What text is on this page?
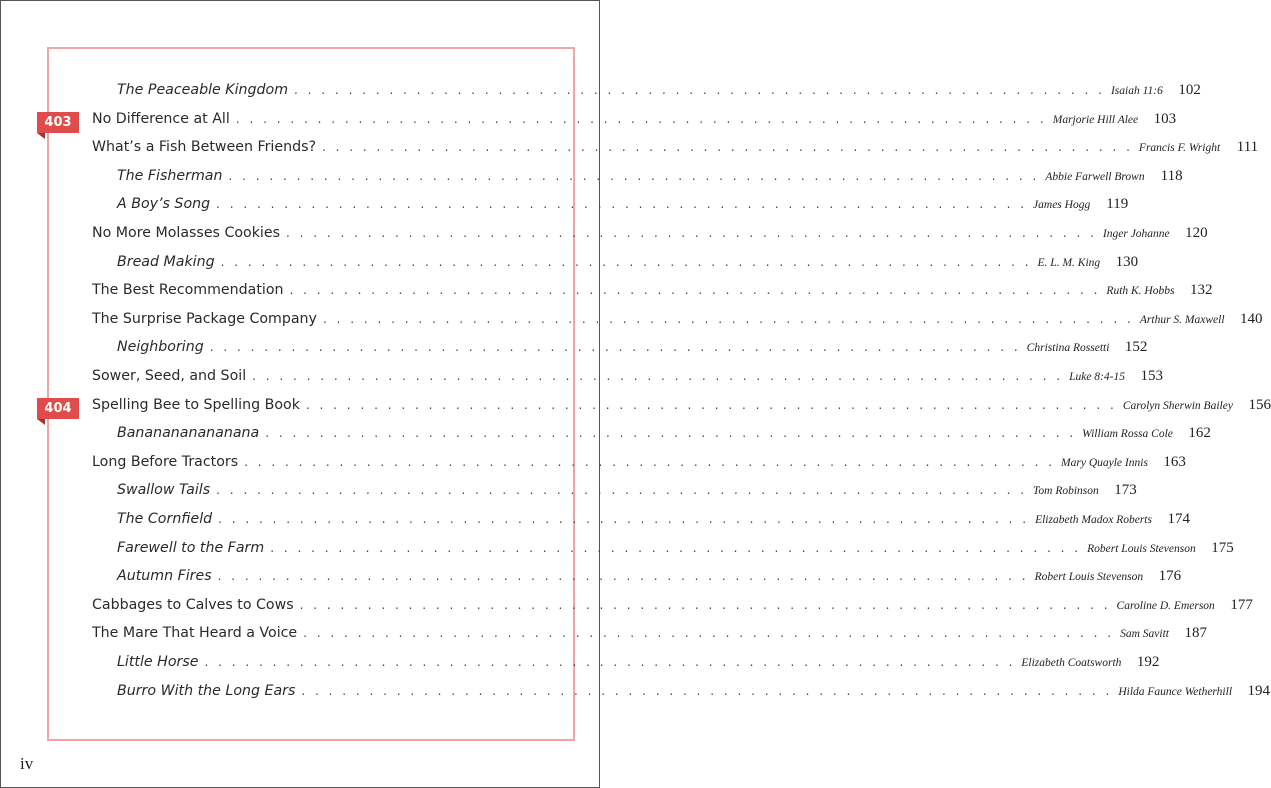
The Peaceable Kingdom . . . . . . . . . . . . . . . . . . . . . . . . . . . . . . . . . . . . . . . . . . . . . . . . . . . . . . . . . . . . Isaiah 11:6	102
No Difference at All . . . . . . . . . . . . . . . . . . . . . . . . . . . . . . . . . . . . . . . . . . . . . . . . . . . . . . . . . . . . Marjorie Hill Alee	103
What’s a Fish Between Friends? . . . . . . . . . . . . . . . . . . . . . . . . . . . . . . . . . . . . . . . . . . . . . . . . . . . . . . . . . . . . Francis F. Wright	111
The Fisherman . . . . . . . . . . . . . . . . . . . . . . . . . . . . . . . . . . . . . . . . . . . . . . . . . . . . . . . . . . . . Abbie Farwell Brown	118
A Boy’s Song . . . . . . . . . . . . . . . . . . . . . . . . . . . . . . . . . . . . . . . . . . . . . . . . . . . . . . . . . . . . James Hogg	119
No More Molasses Cookies . . . . . . . . . . . . . . . . . . . . . . . . . . . . . . . . . . . . . . . . . . . . . . . . . . . . . . . . . . . . Inger Johanne	120
Bread Making . . . . . . . . . . . . . . . . . . . . . . . . . . . . . . . . . . . . . . . . . . . . . . . . . . . . . . . . . . . . E. L. M. King	130
The Best Recommendation . . . . . . . . . . . . . . . . . . . . . . . . . . . . . . . . . . . . . . . . . . . . . . . . . . . . . . . . . . . . Ruth K. Hobbs	132
The Surprise Package Company . . . . . . . . . . . . . . . . . . . . . . . . . . . . . . . . . . . . . . . . . . . . . . . . . . . . . . . . . . . . Arthur S. Maxwell	140
Neighboring . . . . . . . . . . . . . . . . . . . . . . . . . . . . . . . . . . . . . . . . . . . . . . . . . . . . . . . . . . . . Christina Rossetti	152
Sower, Seed, and Soil . . . . . . . . . . . . . . . . . . . . . . . . . . . . . . . . . . . . . . . . . . . . . . . . . . . . . . . . . . . . Luke 8:4-15	153
Spelling Bee to Spelling Book . . . . . . . . . . . . . . . . . . . . . . . . . . . . . . . . . . . . . . . . . . . . . . . . . . . . . . . . . . . . Carolyn Sherwin Bailey	156
Bananananananana . . . . . . . . . . . . . . . . . . . . . . . . . . . . . . . . . . . . . . . . . . . . . . . . . . . . . . . . . . . . William Rossa Cole	162
Long Before Tractors . . . . . . . . . . . . . . . . . . . . . . . . . . . . . . . . . . . . . . . . . . . . . . . . . . . . . . . . . . . . Mary Quayle Innis	163
Swallow Tails . . . . . . . . . . . . . . . . . . . . . . . . . . . . . . . . . . . . . . . . . . . . . . . . . . . . . . . . . . . . Tom Robinson	173
The Cornfield . . . . . . . . . . . . . . . . . . . . . . . . . . . . . . . . . . . . . . . . . . . . . . . . . . . . . . . . . . . . Elizabeth Madox Roberts	174
Farewell to the Farm . . . . . . . . . . . . . . . . . . . . . . . . . . . . . . . . . . . . . . . . . . . . . . . . . . . . . . . . . . . . Robert Louis Stevenson	175
Autumn Fires . . . . . . . . . . . . . . . . . . . . . . . . . . . . . . . . . . . . . . . . . . . . . . . . . . . . . . . . . . . . Robert Louis Stevenson	176
Cabbages to Calves to Cows . . . . . . . . . . . . . . . . . . . . . . . . . . . . . . . . . . . . . . . . . . . . . . . . . . . . . . . . . . . . Caroline D. Emerson	177
The Mare That Heard a Voice . . . . . . . . . . . . . . . . . . . . . . . . . . . . . . . . . . . . . . . . . . . . . . . . . . . . . . . . . . . . Sam Savitt	187
Little Horse . . . . . . . . . . . . . . . . . . . . . . . . . . . . . . . . . . . . . . . . . . . . . . . . . . . . . . . . . . . . Elizabeth Coatsworth	192
Burro With the Long Ears . . . . . . . . . . . . . . . . . . . . . . . . . . . . . . . . . . . . . . . . . . . . . . . . . . . . . . . . . . . . Hilda Faunce Wetherhill	194
403
404
iv
